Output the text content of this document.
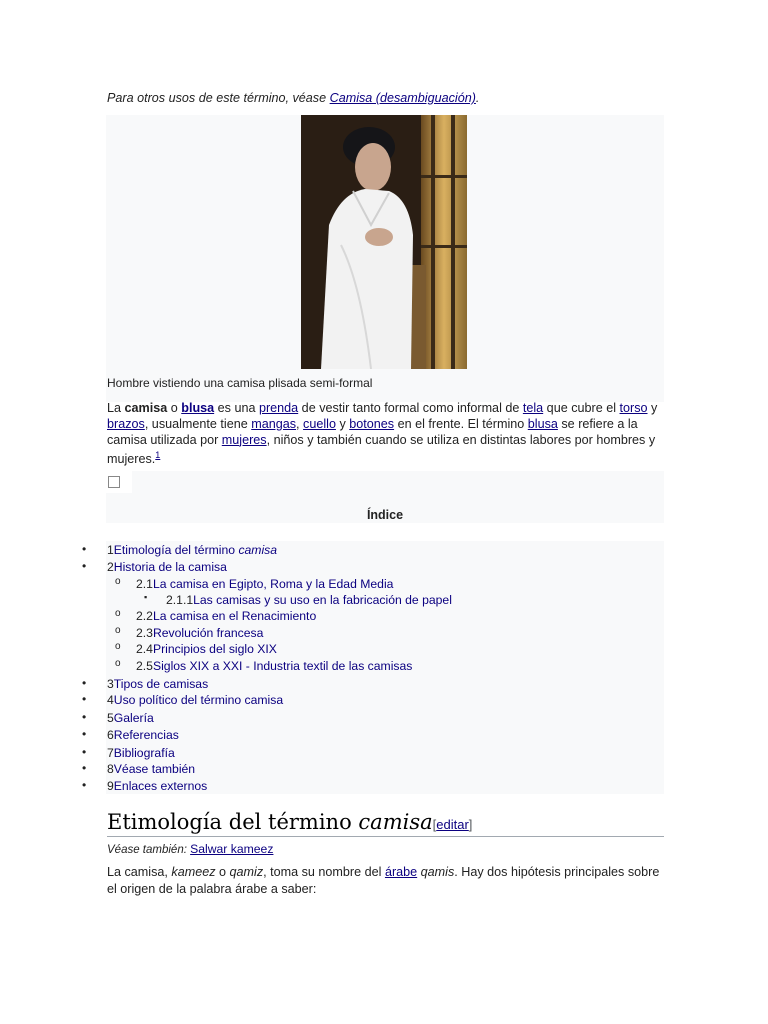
Para otros usos de este término, véase Camisa (desambiguación).
Hombre vistiendo una camisa plisada semi-formal
La camisa o blusa es una prenda de vestir tanto formal como informal de tela que cubre el torso y brazos, usualmente tiene mangas, cuello y botones en el frente. El término blusa se refiere a la camisa utilizada por mujeres, niños y también cuando se utiliza en distintas labores por hombres y mujeres.$^1$
Índice
• 1Etimología del término camisa
• 2Historia de la camisa
o 2.1La camisa en Egipto, Roma y la Edad Media
▪ 2.1.1Las camisas y su uso en la fabricación de papel
o 2.2La camisa en el Renacimiento
o 2.3Revolución francesa
o 2.4Principios del siglo XIX
o 2.5Siglos XIX a XXI - Industria textil de las camisas
• 3Tipos de camisas
• 4Uso político del término camisa
• 5Galería
• 6Referencias
• 7Bibliografía
• 8Véase también
• 9Enlaces externos
Etimología del término camisa[editar]
Véase también: Salwar kameez
La camisa, kameez o qamiz, toma su nombre del árabe qamis. Hay dos hipótesis principales sobre el origen de la palabra árabe a saber:
